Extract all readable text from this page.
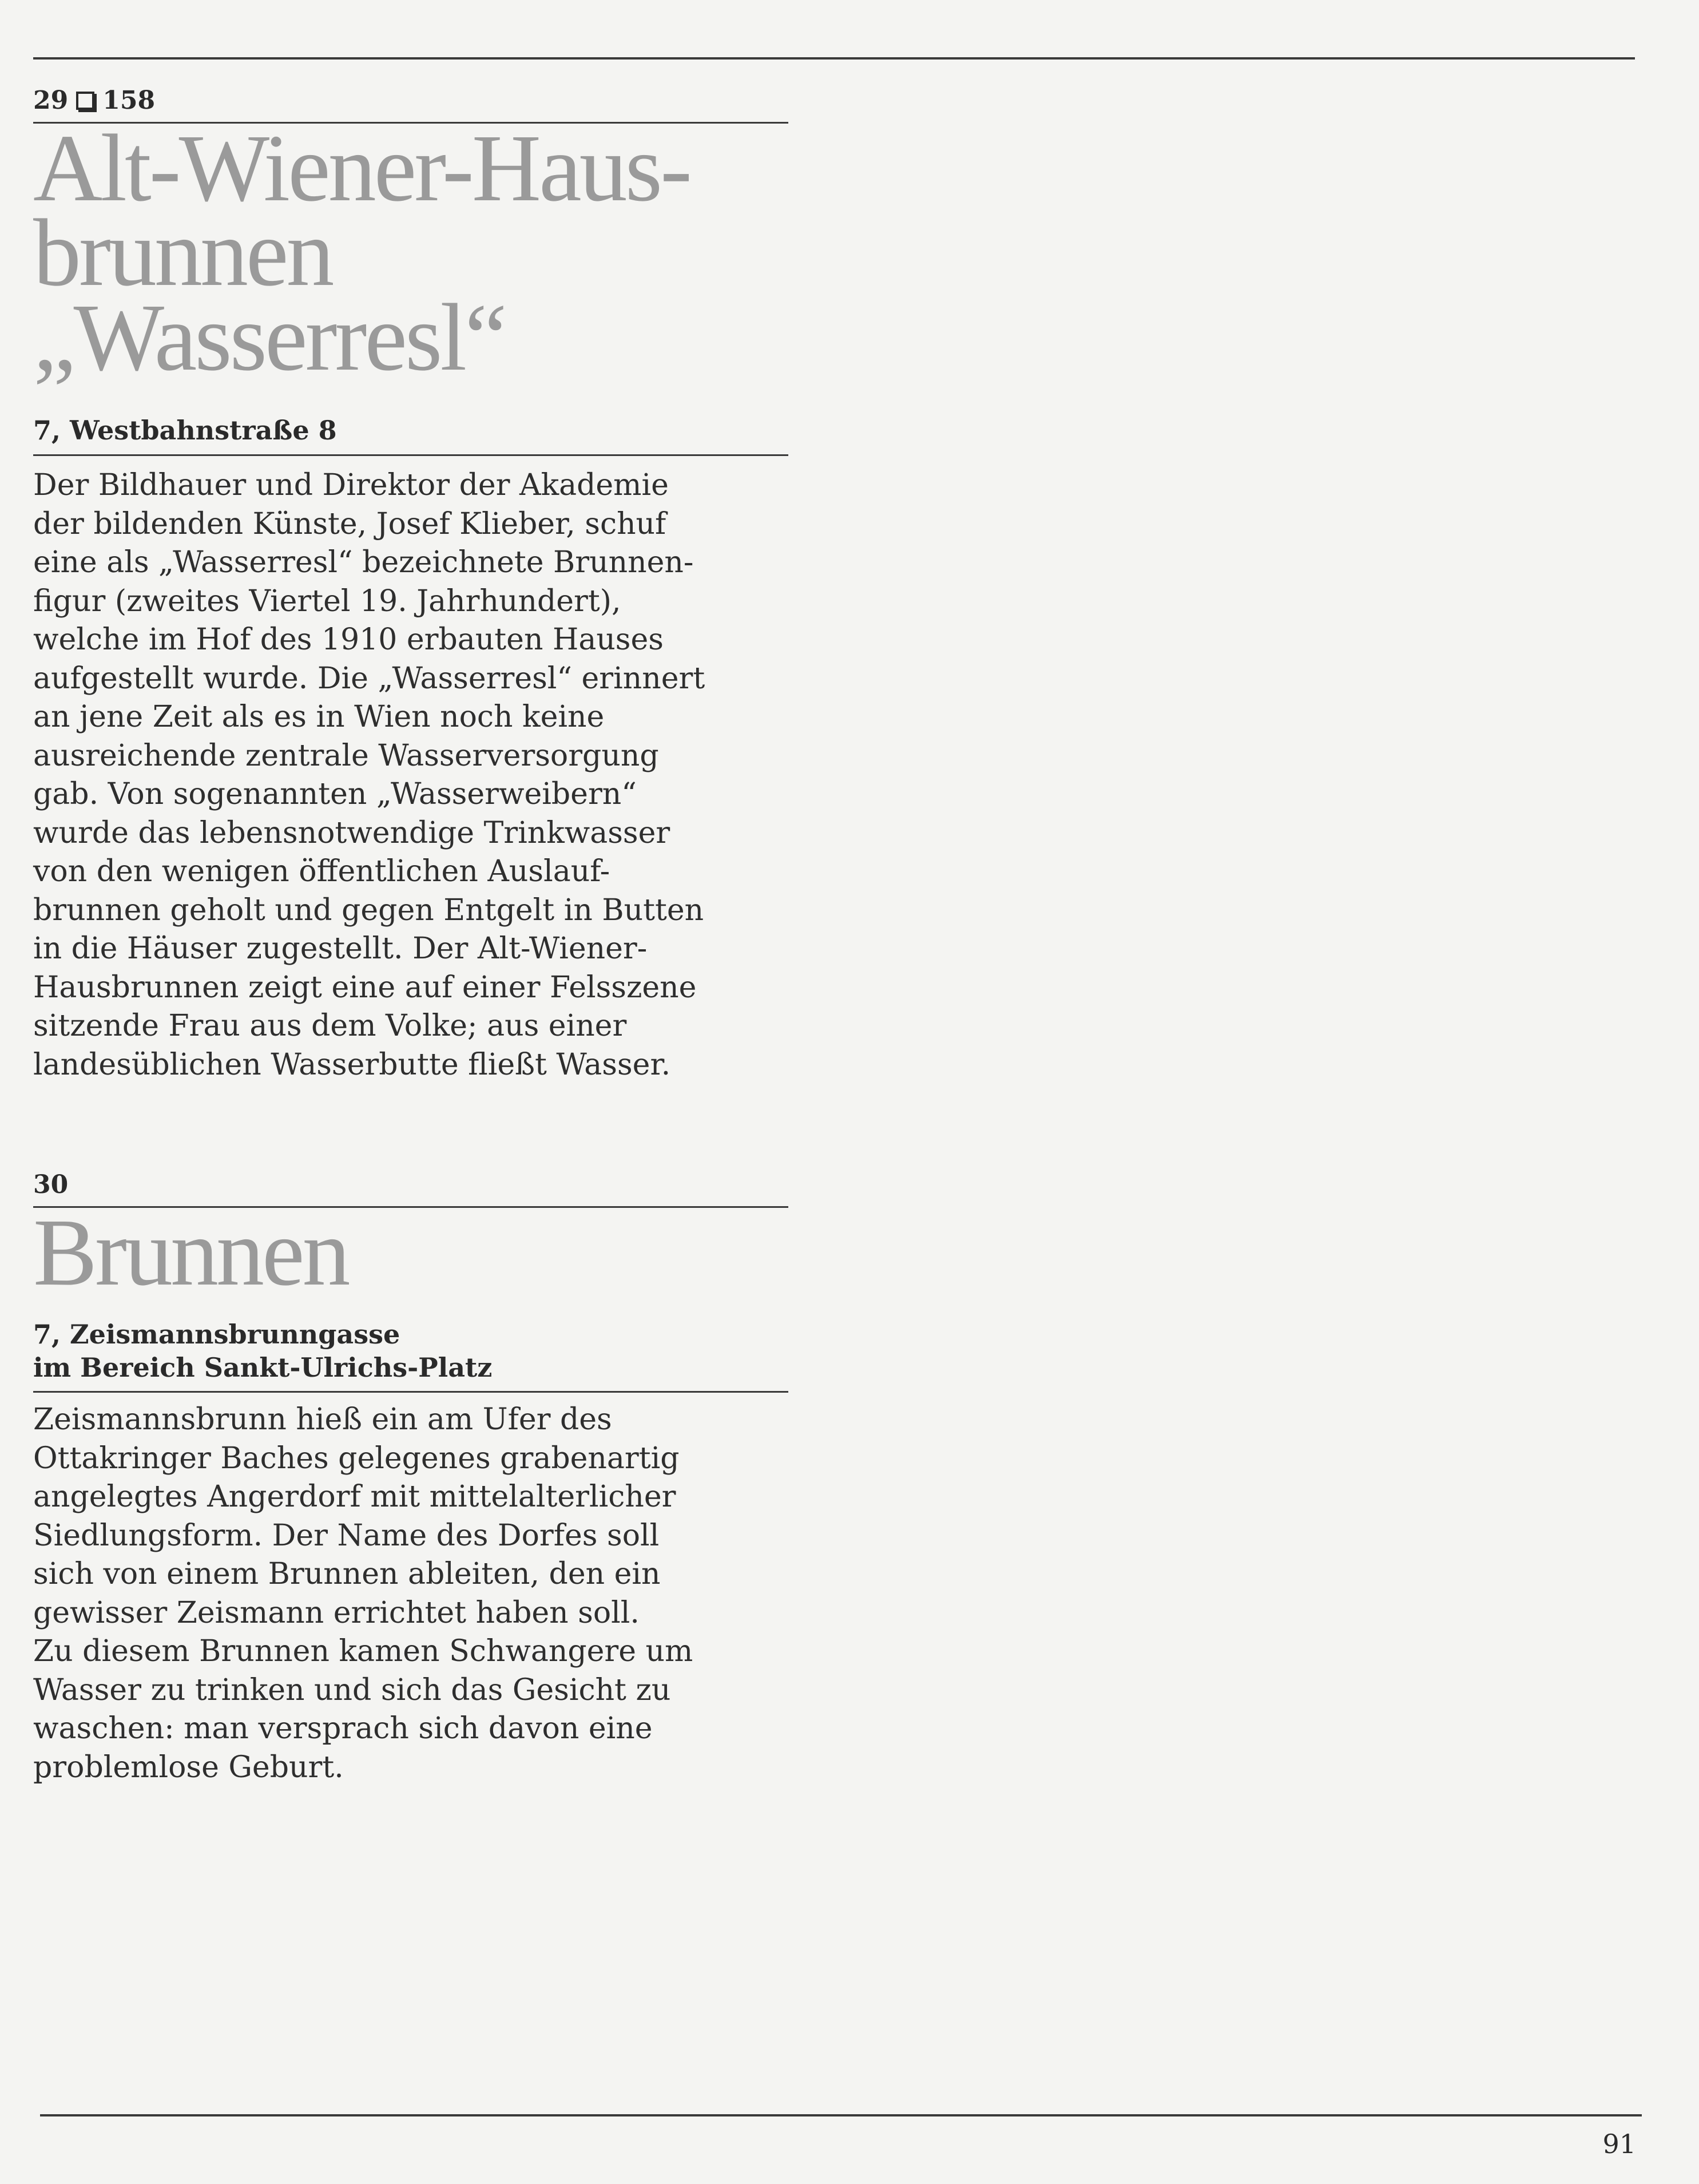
29 158
Alt-Wiener-Haus-
brunnen
„Wasserresl“
7, Westbahnstraße 8
Der Bildhauer und Direktor der Akademie
der bildenden Künste, Josef Klieber, schuf
eine als „Wasserresl“ bezeichnete Brunnen-
figur (zweites Viertel 19. Jahrhundert),
welche im Hof des 1910 erbauten Hauses
aufgestellt wurde. Die „Wasserresl“ erinnert
an jene Zeit als es in Wien noch keine
ausreichende zentrale Wasserversorgung
gab. Von sogenannten „Wasserweibern“
wurde das lebensnotwendige Trinkwasser
von den wenigen öffentlichen Auslauf-
brunnen geholt und gegen Entgelt in Butten
in die Häuser zugestellt. Der Alt-Wiener-
Hausbrunnen zeigt eine auf einer Felsszene
sitzende Frau aus dem Volke; aus einer
landesüblichen Wasserbutte fließt Wasser.
30
Brunnen
7, Zeismannsbrunngasse
im Bereich Sankt-Ulrichs-Platz
Zeismannsbrunn hieß ein am Ufer des
Ottakringer Baches gelegenes grabenartig
angelegtes Angerdorf mit mittelalterlicher
Siedlungsform. Der Name des Dorfes soll
sich von einem Brunnen ableiten, den ein
gewisser Zeismann errichtet haben soll.
Zu diesem Brunnen kamen Schwangere um
Wasser zu trinken und sich das Gesicht zu
waschen: man versprach sich davon eine
problemlose Geburt.
91
